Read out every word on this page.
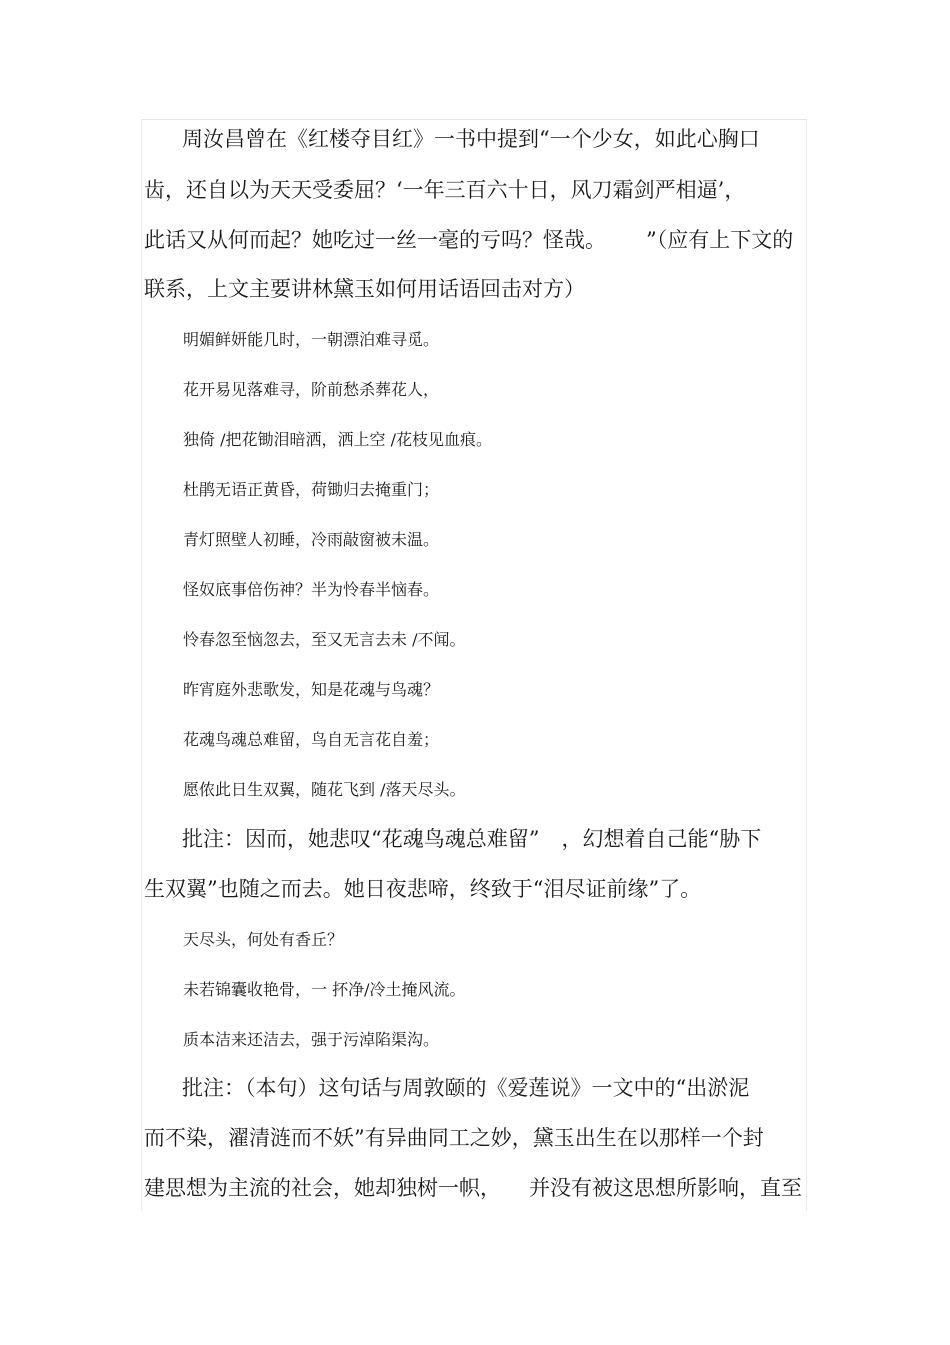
周汝昌曾在《红楼夺目红》一书中提到“一个少女，如此心胸口
齿，还自以为天天受委屈？‘一年三百六十日，风刀霜剑严相逼’，
此话又从何而起？她吃过一丝一毫的亏吗？怪哉。 ”（应有上下文的
联系，上文主要讲林黛玉如何用话语回击对方）
明媚鲜妍能几时，一朝漂泊难寻觅。
花开易见落难寻，阶前愁杀葬花人，
独倚 /把花锄泪暗洒，洒上空 /花枝见血痕。
杜鹃无语正黄昏，荷锄归去掩重门；
青灯照壁人初睡，冷雨敲窗被未温。
怪奴底事倍伤神？半为怜春半恼春。
怜春忽至恼忽去，至又无言去未 /不闻。
昨宵庭外悲歌发，知是花魂与鸟魂？
花魂鸟魂总难留，鸟自无言花自羞；
愿侬此日生双翼，随花飞到 /落天尽头。
批注：因而，她悲叹“花魂鸟魂总难留” ，幻想着自己能“胁下
生双翼”也随之而去。她日夜悲啼，终致于“泪尽证前缘”了。
天尽头，何处有香丘？
未若锦囊收艳骨，一 抔净/冷土掩风流。
质本洁来还洁去，强于污淖陷渠沟。
批注：（本句）这句话与周敦颐的《爱莲说》一文中的“出淤泥
而不染，濯清涟而不妖”有异曲同工之妙，黛玉出生在以那样一个封
建思想为主流的社会，她却独树一帜， 并没有被这思想所影响，直至
